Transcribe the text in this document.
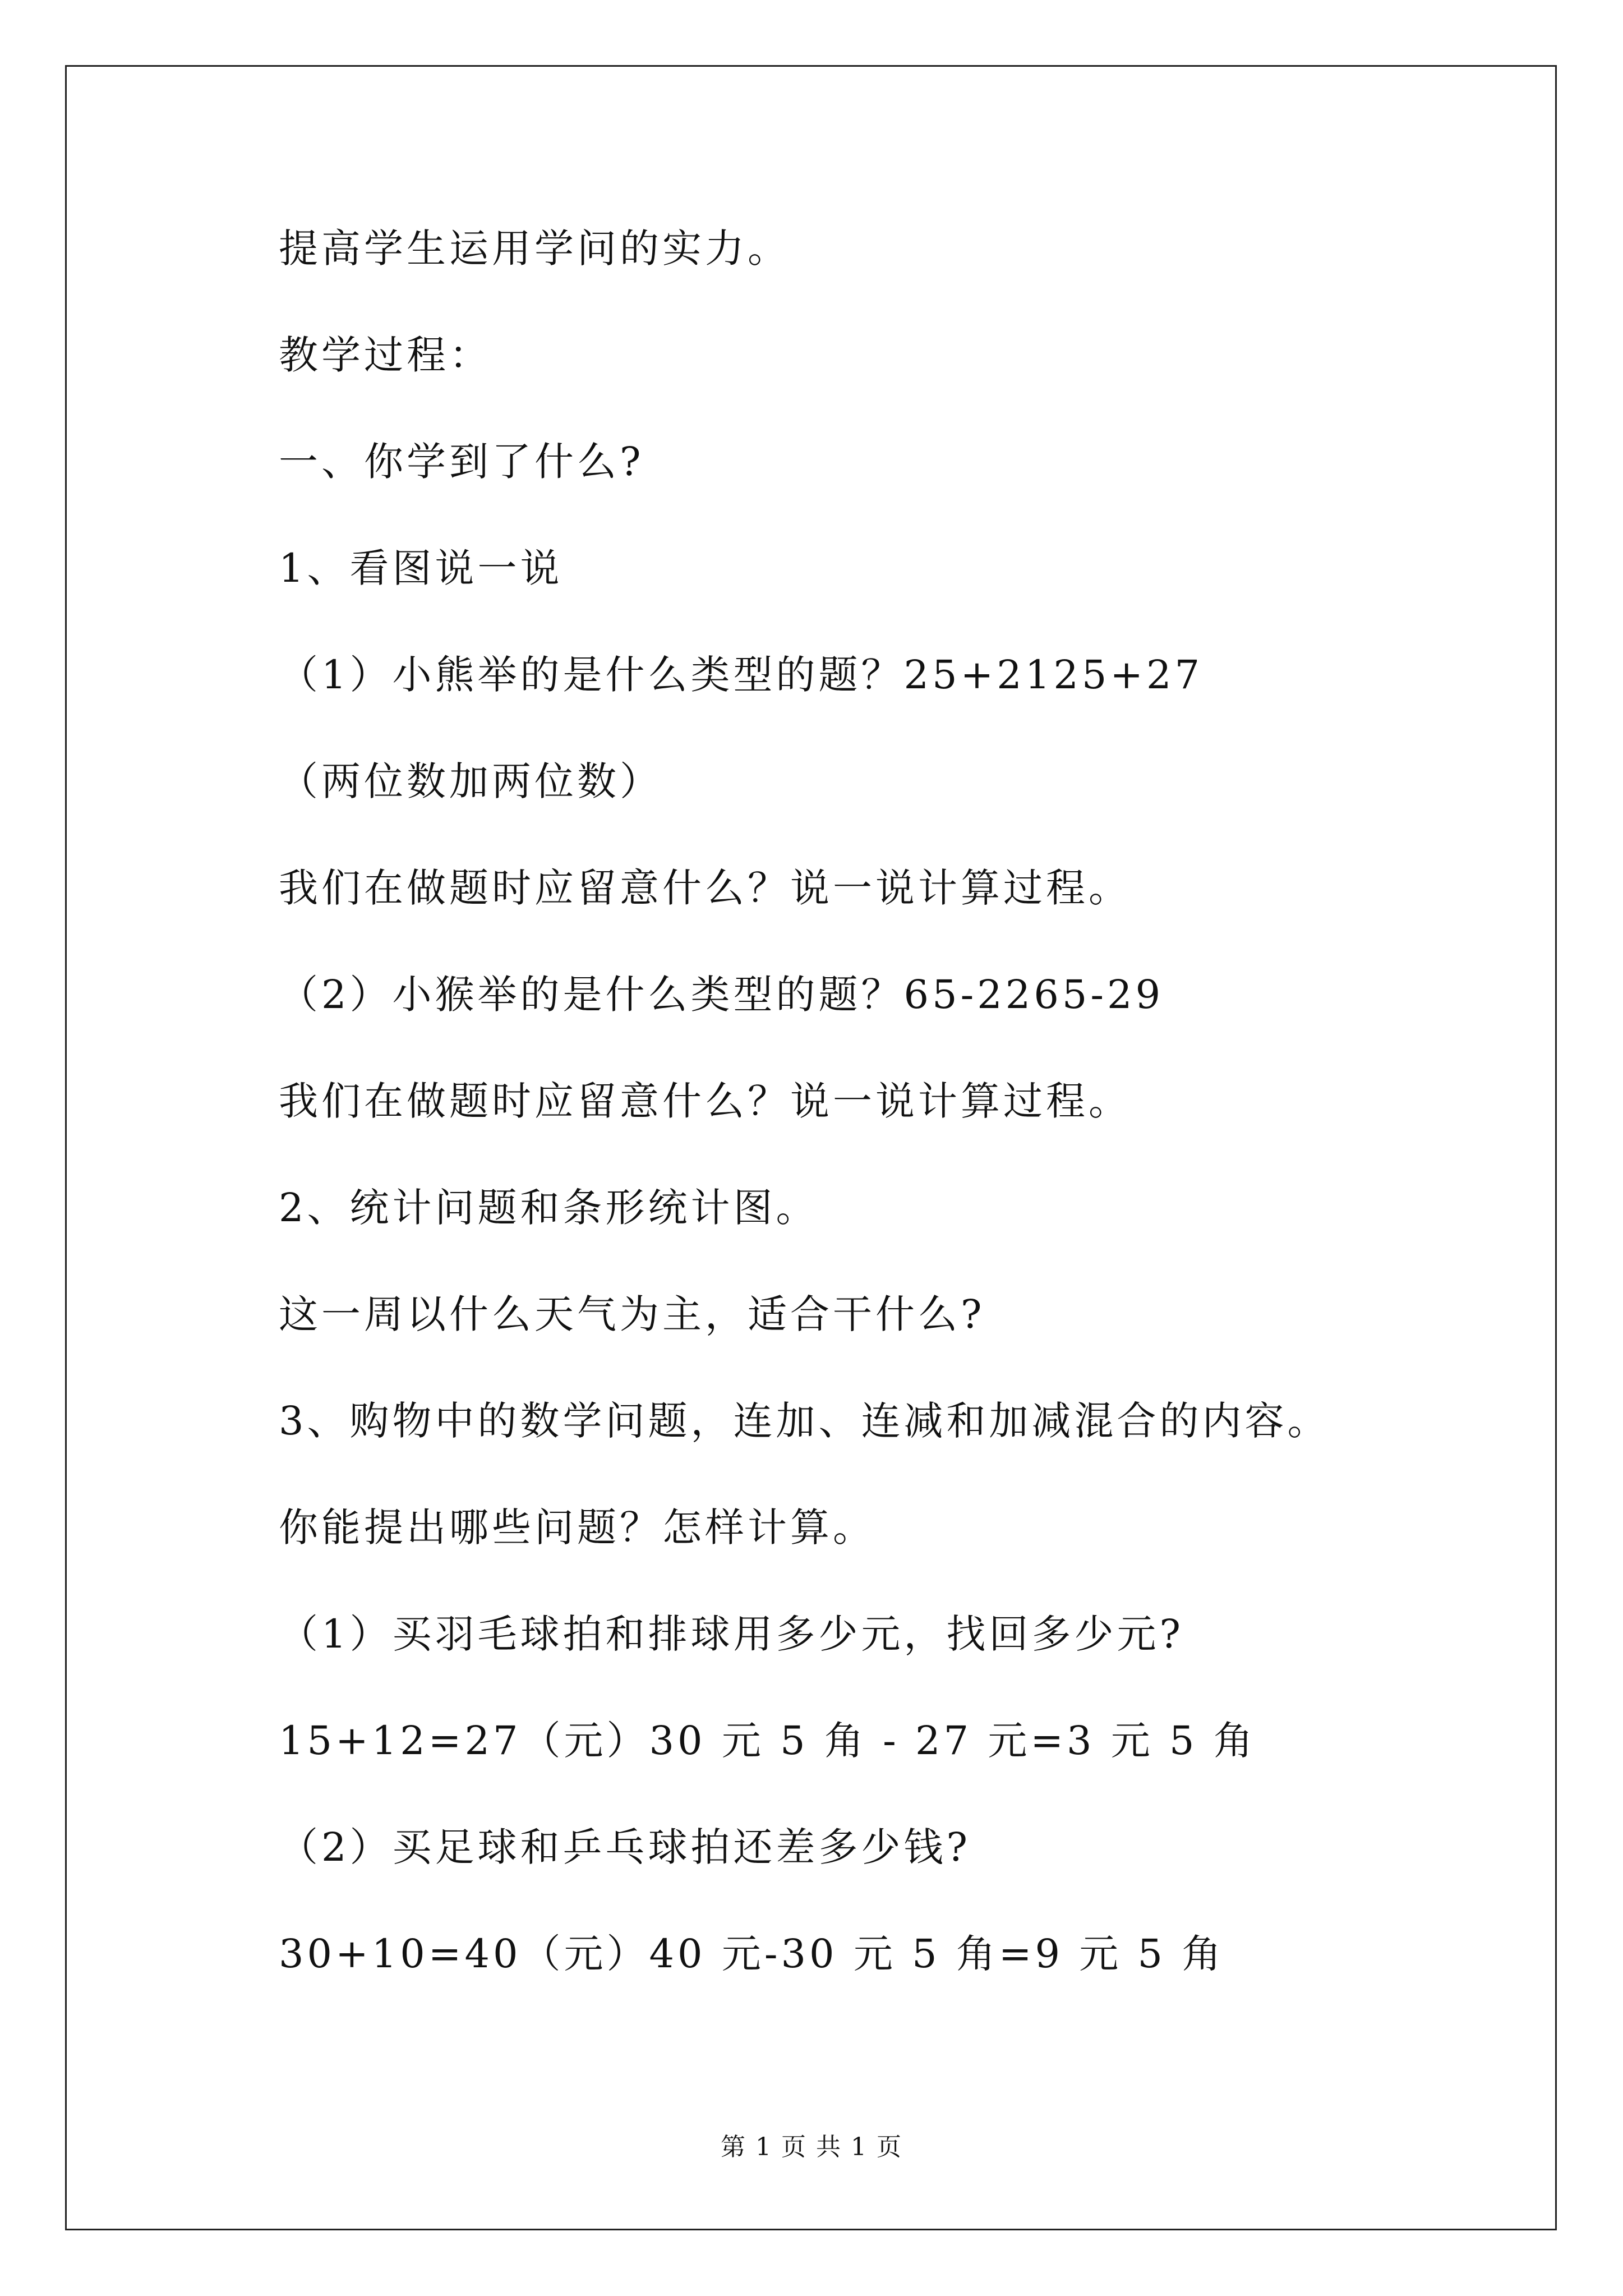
提高学生运用学问的实力。
教学过程：
一、你学到了什么?
1、看图说一说
（1）小熊举的是什么类型的题？25+2125+27
（两位数加两位数）
我们在做题时应留意什么？说一说计算过程。
（2）小猴举的是什么类型的题？65-2265-29
我们在做题时应留意什么？说一说计算过程。
2、统计问题和条形统计图。
这一周以什么天气为主，适合干什么?
3、购物中的数学问题，连加、连减和加减混合的内容。
你能提出哪些问题？怎样计算。
（1）买羽毛球拍和排球用多少元，找回多少元?
15+12=27（元）30 元 5 角 - 27 元=3 元 5 角
（2）买足球和乒乓球拍还差多少钱?
30+10=40（元）40 元-30 元 5 角=9 元 5 角
第 1 页 共 1 页
